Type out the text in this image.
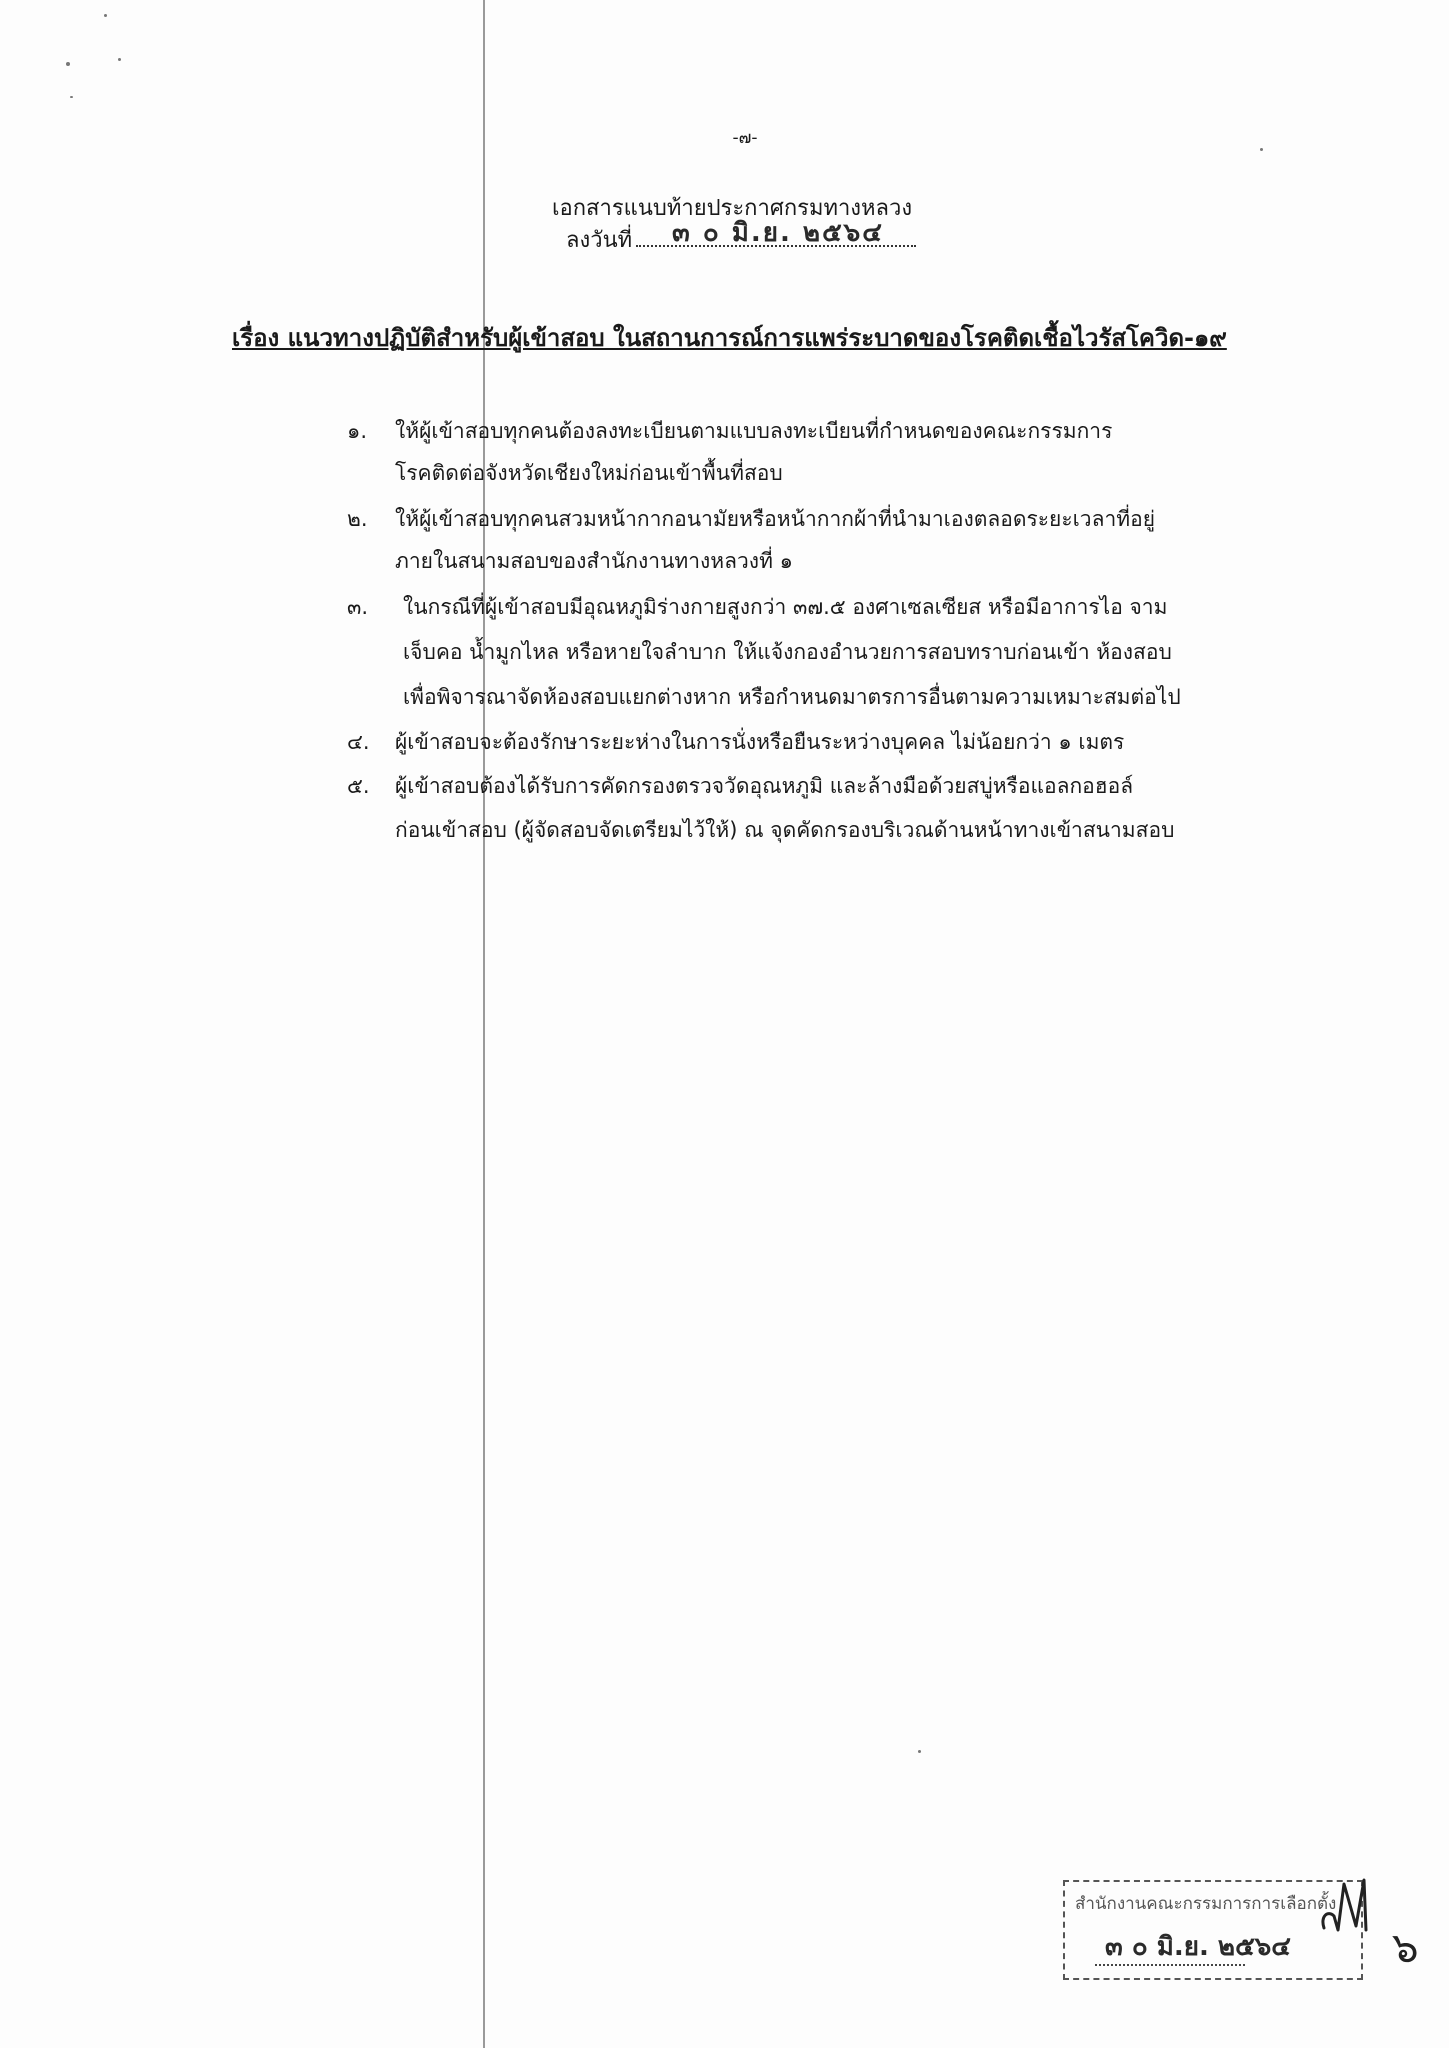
-๗-
เอกสารแนบท้ายประกาศกรมทางหลวง
ลงวันที่	๓ ๐ มิ.ย. ๒๕๖๔
เรื่อง แนวทางปฏิบัติสำหรับผู้เข้าสอบ ในสถานการณ์การแพร่ระบาดของโรคติดเชื้อไวรัสโควิด-๑๙
๑. ให้ผู้เข้าสอบทุกคนต้องลงทะเบียนตามแบบลงทะเบียนที่กำหนดของคณะกรรมการ
โรคติดต่อจังหวัดเชียงใหม่ก่อนเข้าพื้นที่สอบ
๒. ให้ผู้เข้าสอบทุกคนสวมหน้ากากอนามัยหรือหน้ากากผ้าที่นำมาเองตลอดระยะเวลาที่อยู่
ภายในสนามสอบของสำนักงานทางหลวงที่ ๑
๓. ในกรณีที่ผู้เข้าสอบมีอุณหภูมิร่างกายสูงกว่า ๓๗.๕ องศาเซลเซียส หรือมีอาการไอ จาม
เจ็บคอ น้ำมูกไหล หรือหายใจลำบาก ให้แจ้งกองอำนวยการสอบทราบก่อนเข้า ห้องสอบ
เพื่อพิจารณาจัดห้องสอบแยกต่างหาก หรือกำหนดมาตรการอื่นตามความเหมาะสมต่อไป
๔. ผู้เข้าสอบจะต้องรักษาระยะห่างในการนั่งหรือยืนระหว่างบุคคล ไม่น้อยกว่า ๑ เมตร
๕. ผู้เข้าสอบต้องได้รับการคัดกรองตรวจวัดอุณหภูมิ และล้างมือด้วยสบู่หรือแอลกอฮอล์
ก่อนเข้าสอบ (ผู้จัดสอบจัดเตรียมไว้ให้) ณ จุดคัดกรองบริเวณด้านหน้าทางเข้าสนามสอบ
สำนักงานคณะกรรมการการเลือกตั้ง
๓ ๐ มิ.ย. ๒๕๖๔ ๖
